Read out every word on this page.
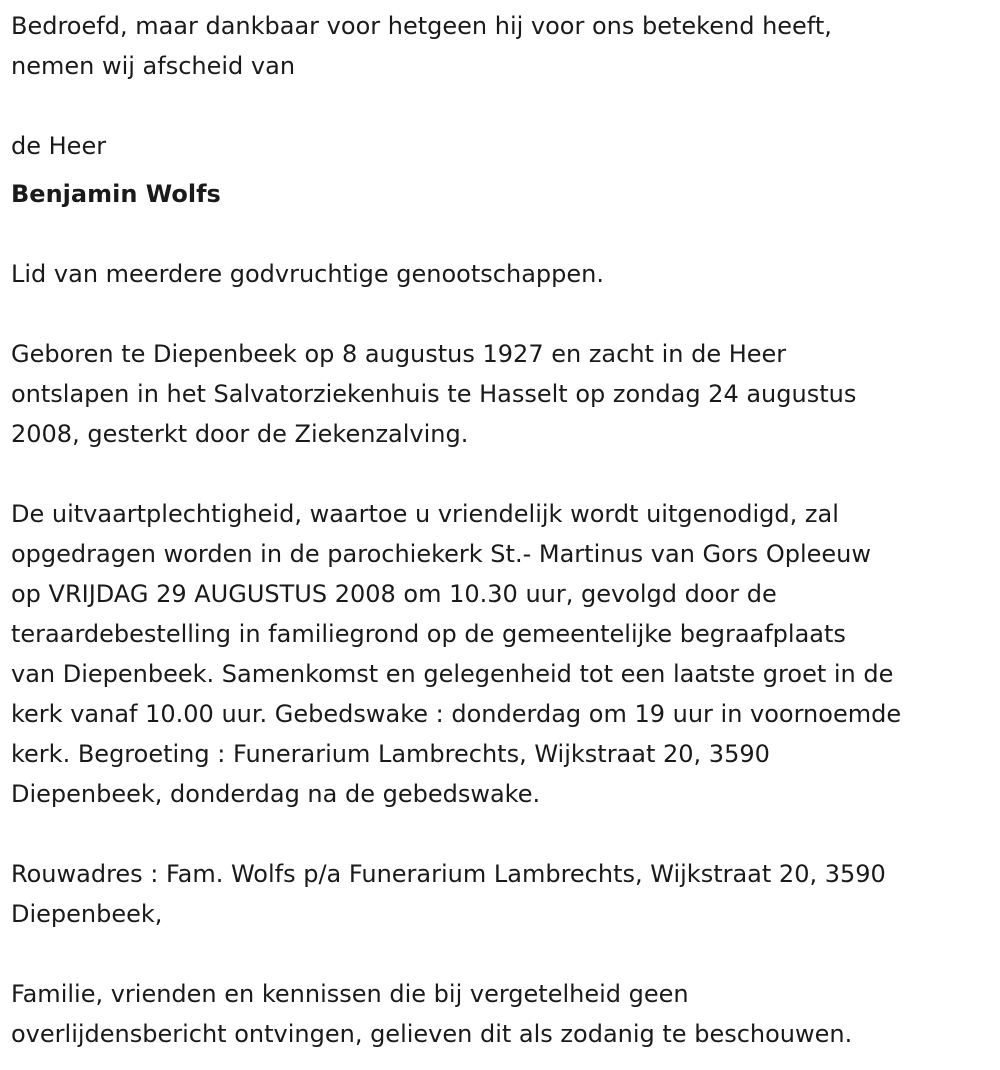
Bedroefd, maar dankbaar voor hetgeen hij voor ons betekend heeft,
nemen wij afscheid van

de Heer

Benjamin Wolfs

Lid van meerdere godvruchtige genootschappen.

Geboren te Diepenbeek op 8 augustus 1927 en zacht in de Heer
ontslapen in het Salvatorziekenhuis te Hasselt op zondag 24 augustus
2008, gesterkt door de Ziekenzalving.

De uitvaartplechtigheid, waartoe u vriendelijk wordt uitgenodigd, zal
opgedragen worden in de parochiekerk St.- Martinus van Gors Opleeuw
op VRIJDAG 29 AUGUSTUS 2008 om 10.30 uur, gevolgd door de
teraardebestelling in familiegrond op de gemeentelijke begraafplaats
van Diepenbeek. Samenkomst en gelegenheid tot een laatste groet in de
kerk vanaf 10.00 uur. Gebedswake : donderdag om 19 uur in voornoemde
kerk. Begroeting : Funerarium Lambrechts, Wijkstraat 20, 3590
Diepenbeek, donderdag na de gebedswake.

Rouwadres : Fam. Wolfs p/a Funerarium Lambrechts, Wijkstraat 20, 3590
Diepenbeek,

Familie, vrienden en kennissen die bij vergetelheid geen
overlijdensbericht ontvingen, gelieven dit als zodanig te beschouwen.
